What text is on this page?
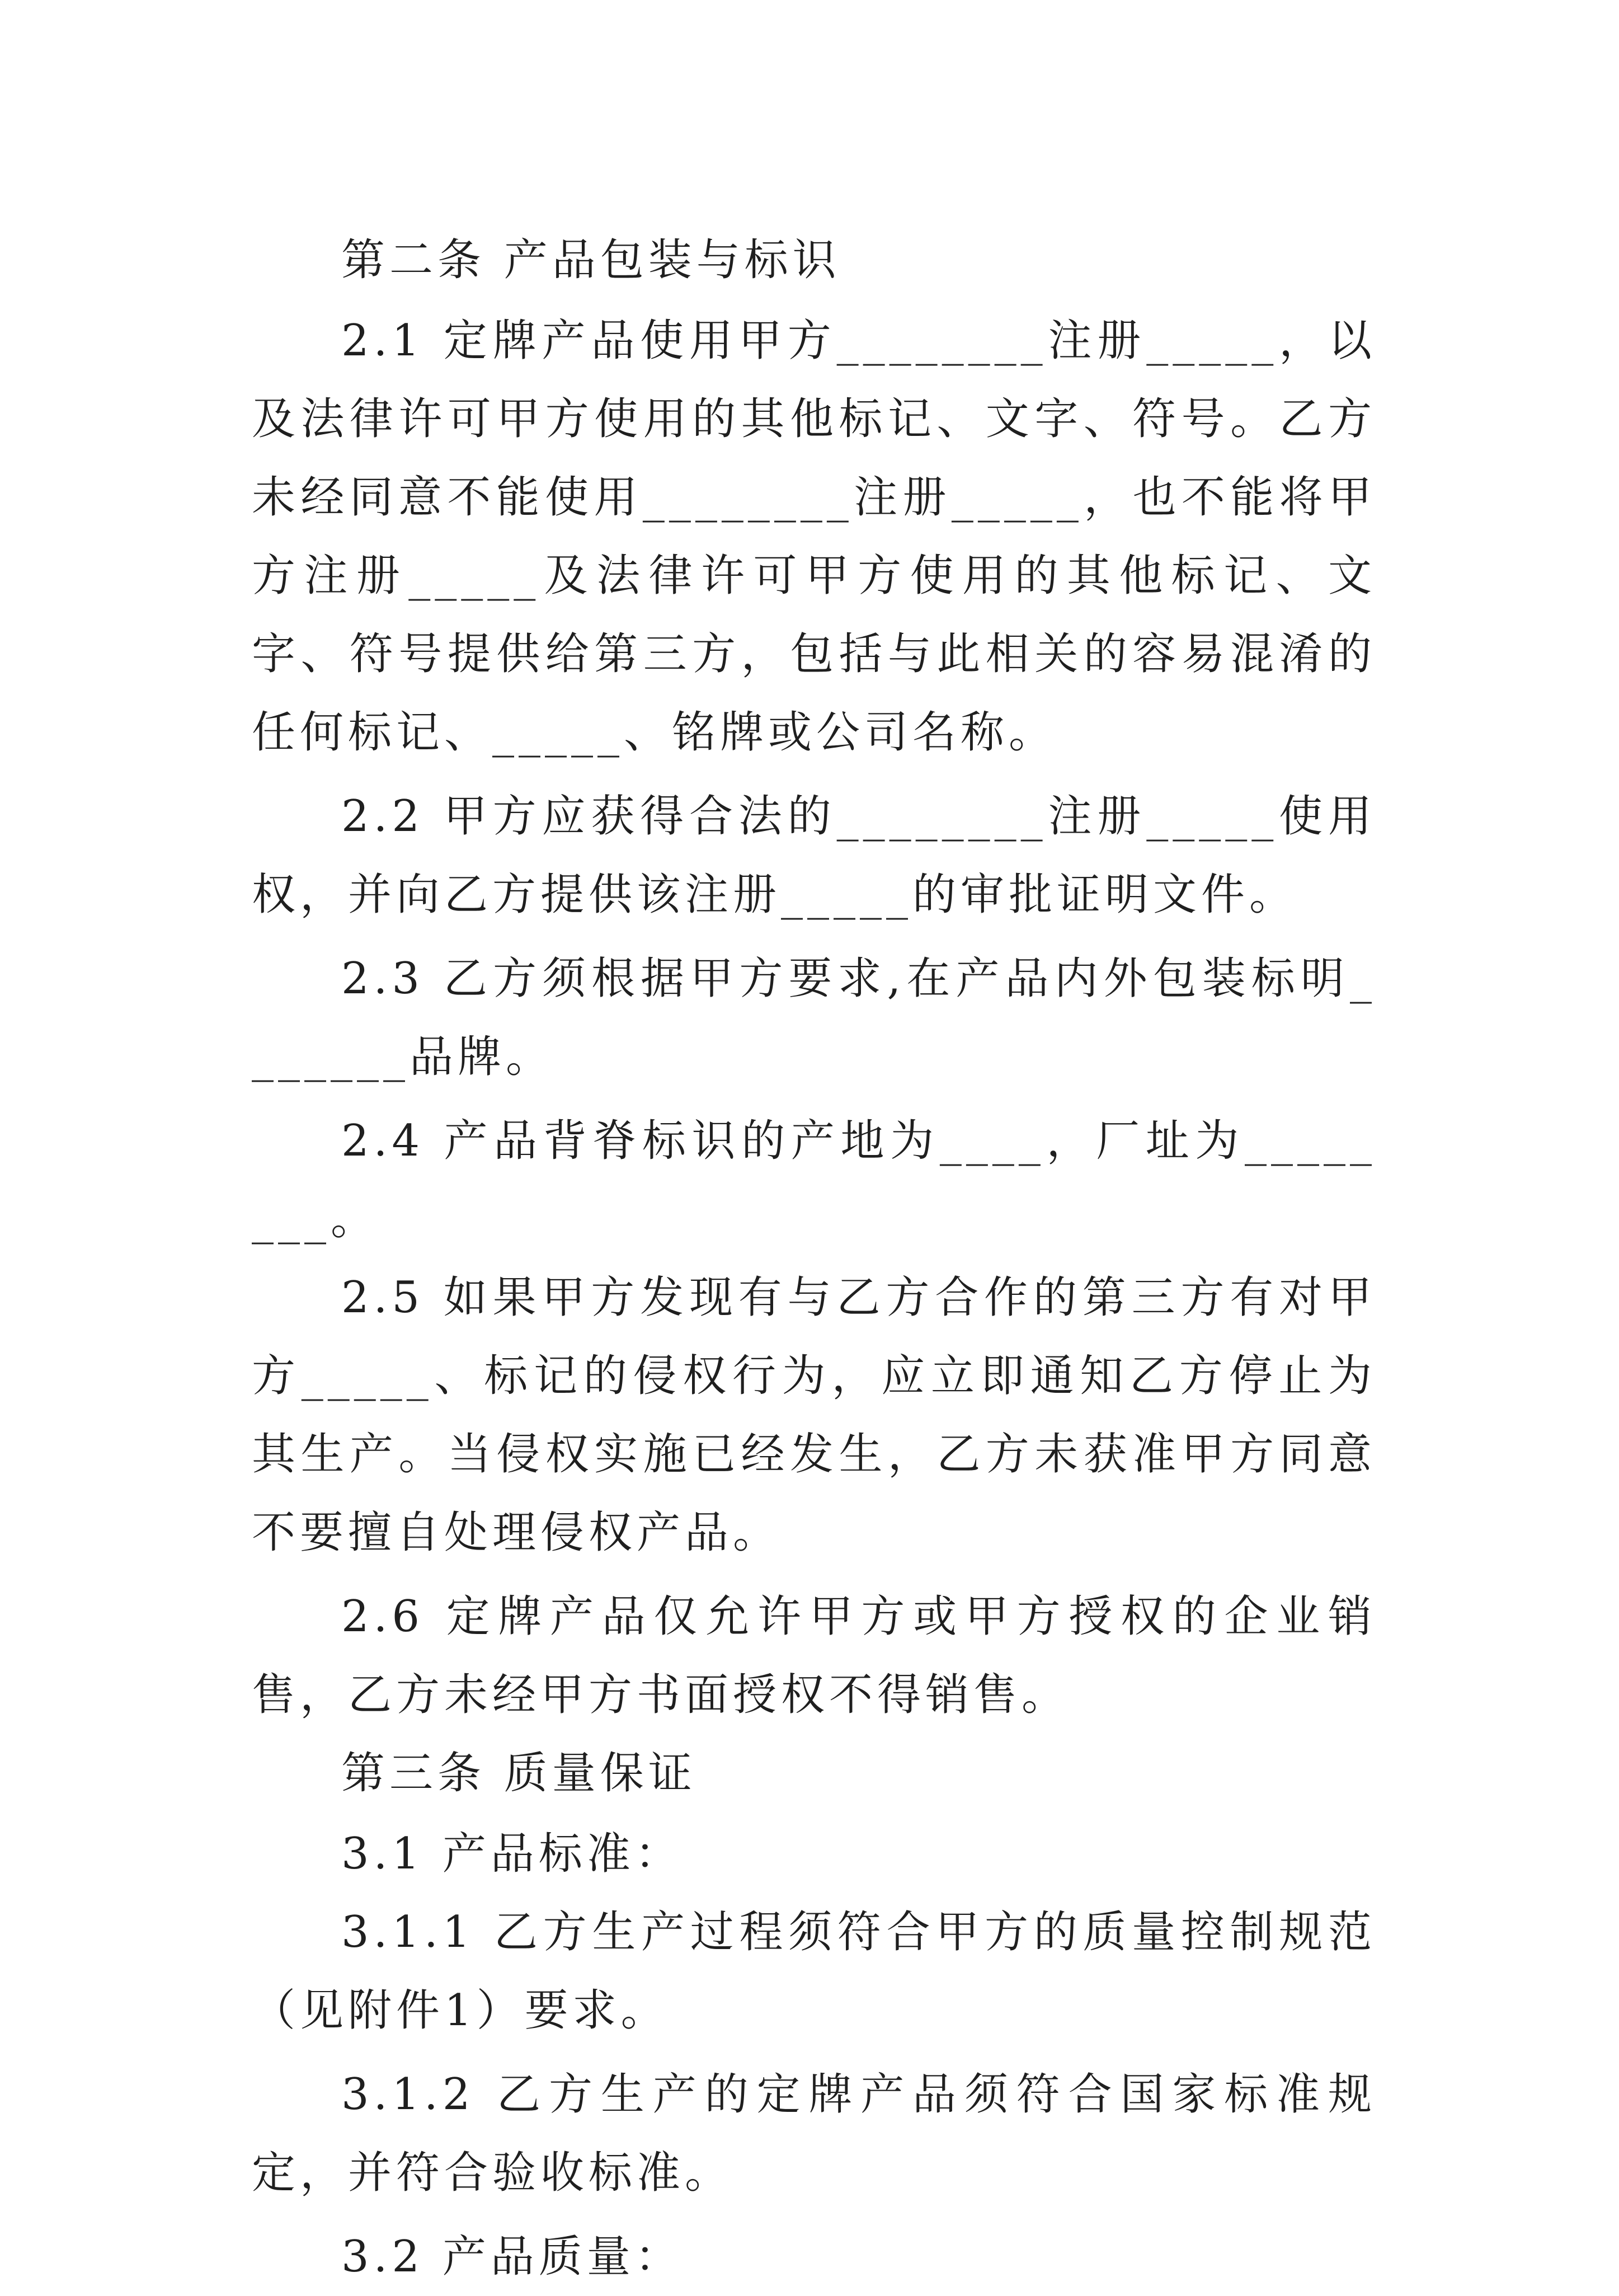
第二条 产品包装与标识

2.1 定牌产品使用甲方________注册_____，以及法律许可甲方使用的其他标记、文字、符号。乙方未经同意不能使用________注册_____，也不能将甲方注册_____及法律许可甲方使用的其他标记、文字、符号提供给第三方，包括与此相关的容易混淆的任何标记、_____、铭牌或公司名称。

2.2 甲方应获得合法的________注册_____使用权，并向乙方提供该注册_____的审批证明文件。

2.3 乙方须根据甲方要求,在产品内外包装标明_______品牌。

2.4 产品背脊标识的产地为____，厂址为________。

2.5 如果甲方发现有与乙方合作的第三方有对甲方_____、标记的侵权行为，应立即通知乙方停止为其生产。当侵权实施已经发生，乙方未获准甲方同意不要擅自处理侵权产品。

2.6 定牌产品仅允许甲方或甲方授权的企业销售，乙方未经甲方书面授权不得销售。

第三条 质量保证

3.1 产品标准：

3.1.1 乙方生产过程须符合甲方的质量控制规范（见附件1）要求。

3.1.2 乙方生产的定牌产品须符合国家标准规定，并符合验收标准。

3.2 产品质量：
